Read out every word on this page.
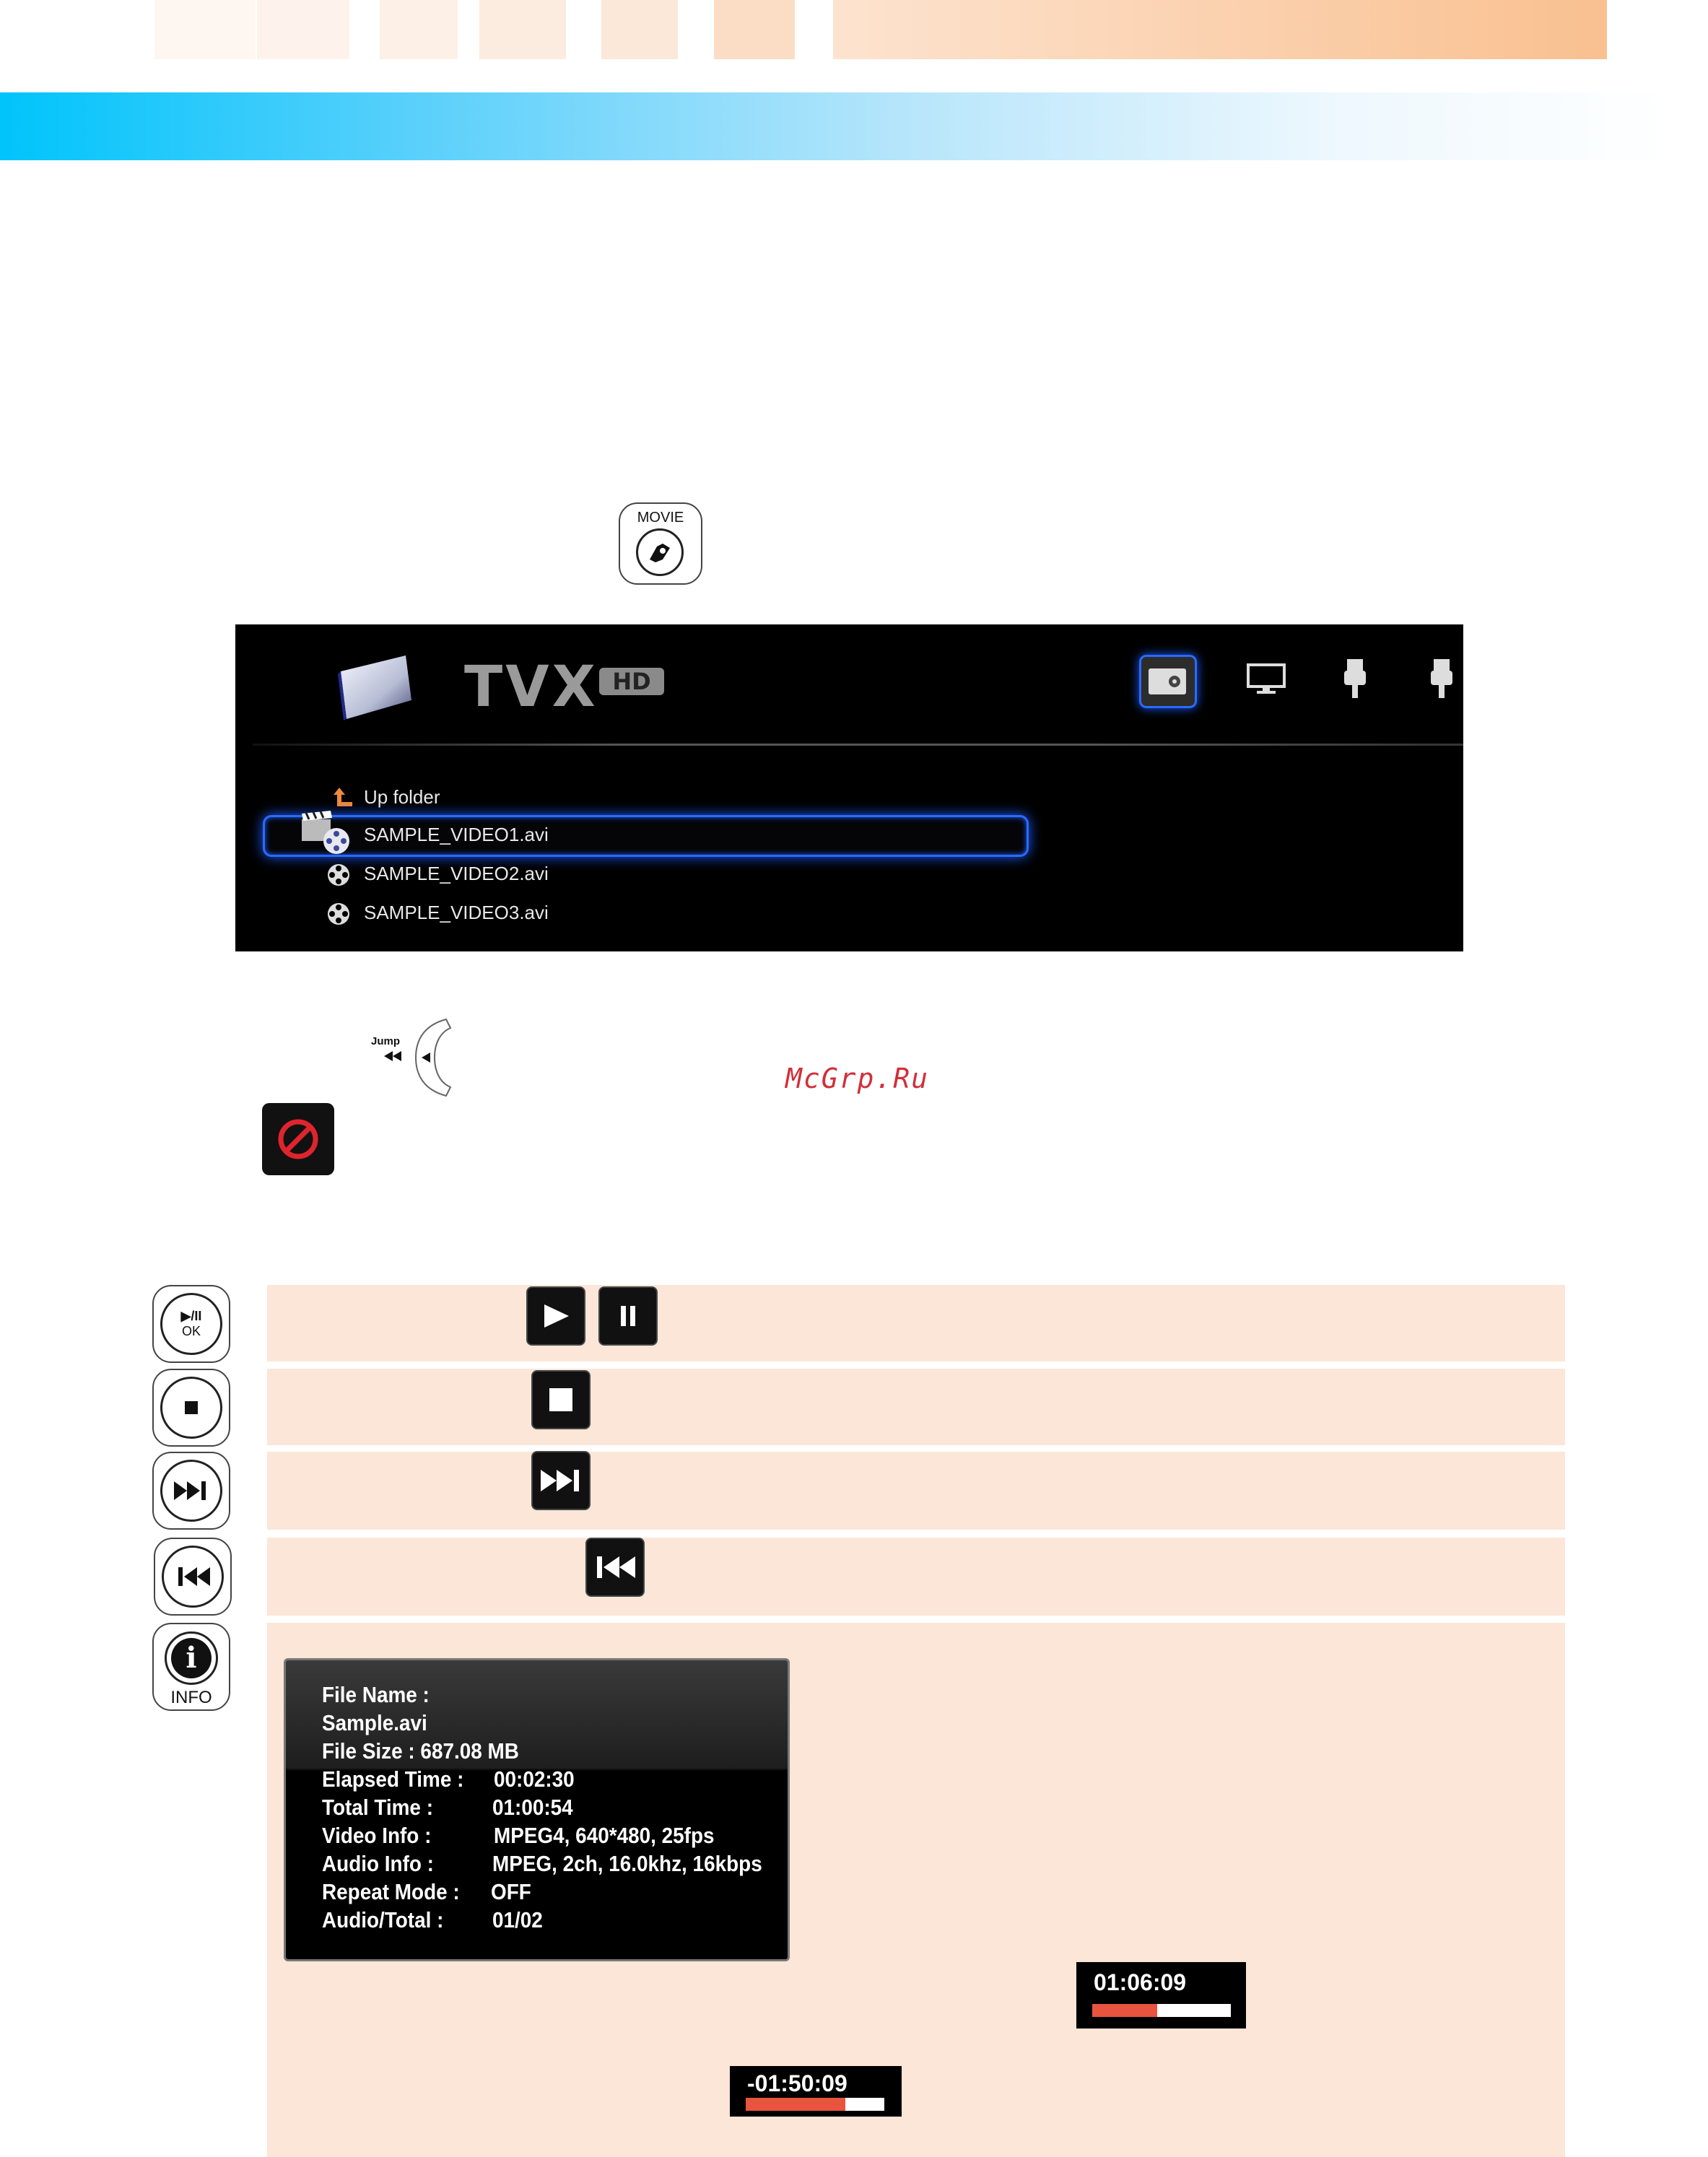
MOVIE
TVX HD
Up folder
SAMPLE_VIDEO1.avi
SAMPLE_VIDEO2.avi
SAMPLE_VIDEO3.avi
Jump
McGrp.Ru
▶/II
OK
i
INFO	File Name :
Sample.avi
File Size : 687.08 MB
Elapsed Time : 00:02:30
Total Time :	01:00:54
Video Info :	MPEG4, 640*480, 25fps
Audio Info :	MPEG, 2ch, 16.0khz, 16kbps
Repeat Mode : OFF
Audio/Total : 01/02
01:06:09
-01:50:09
